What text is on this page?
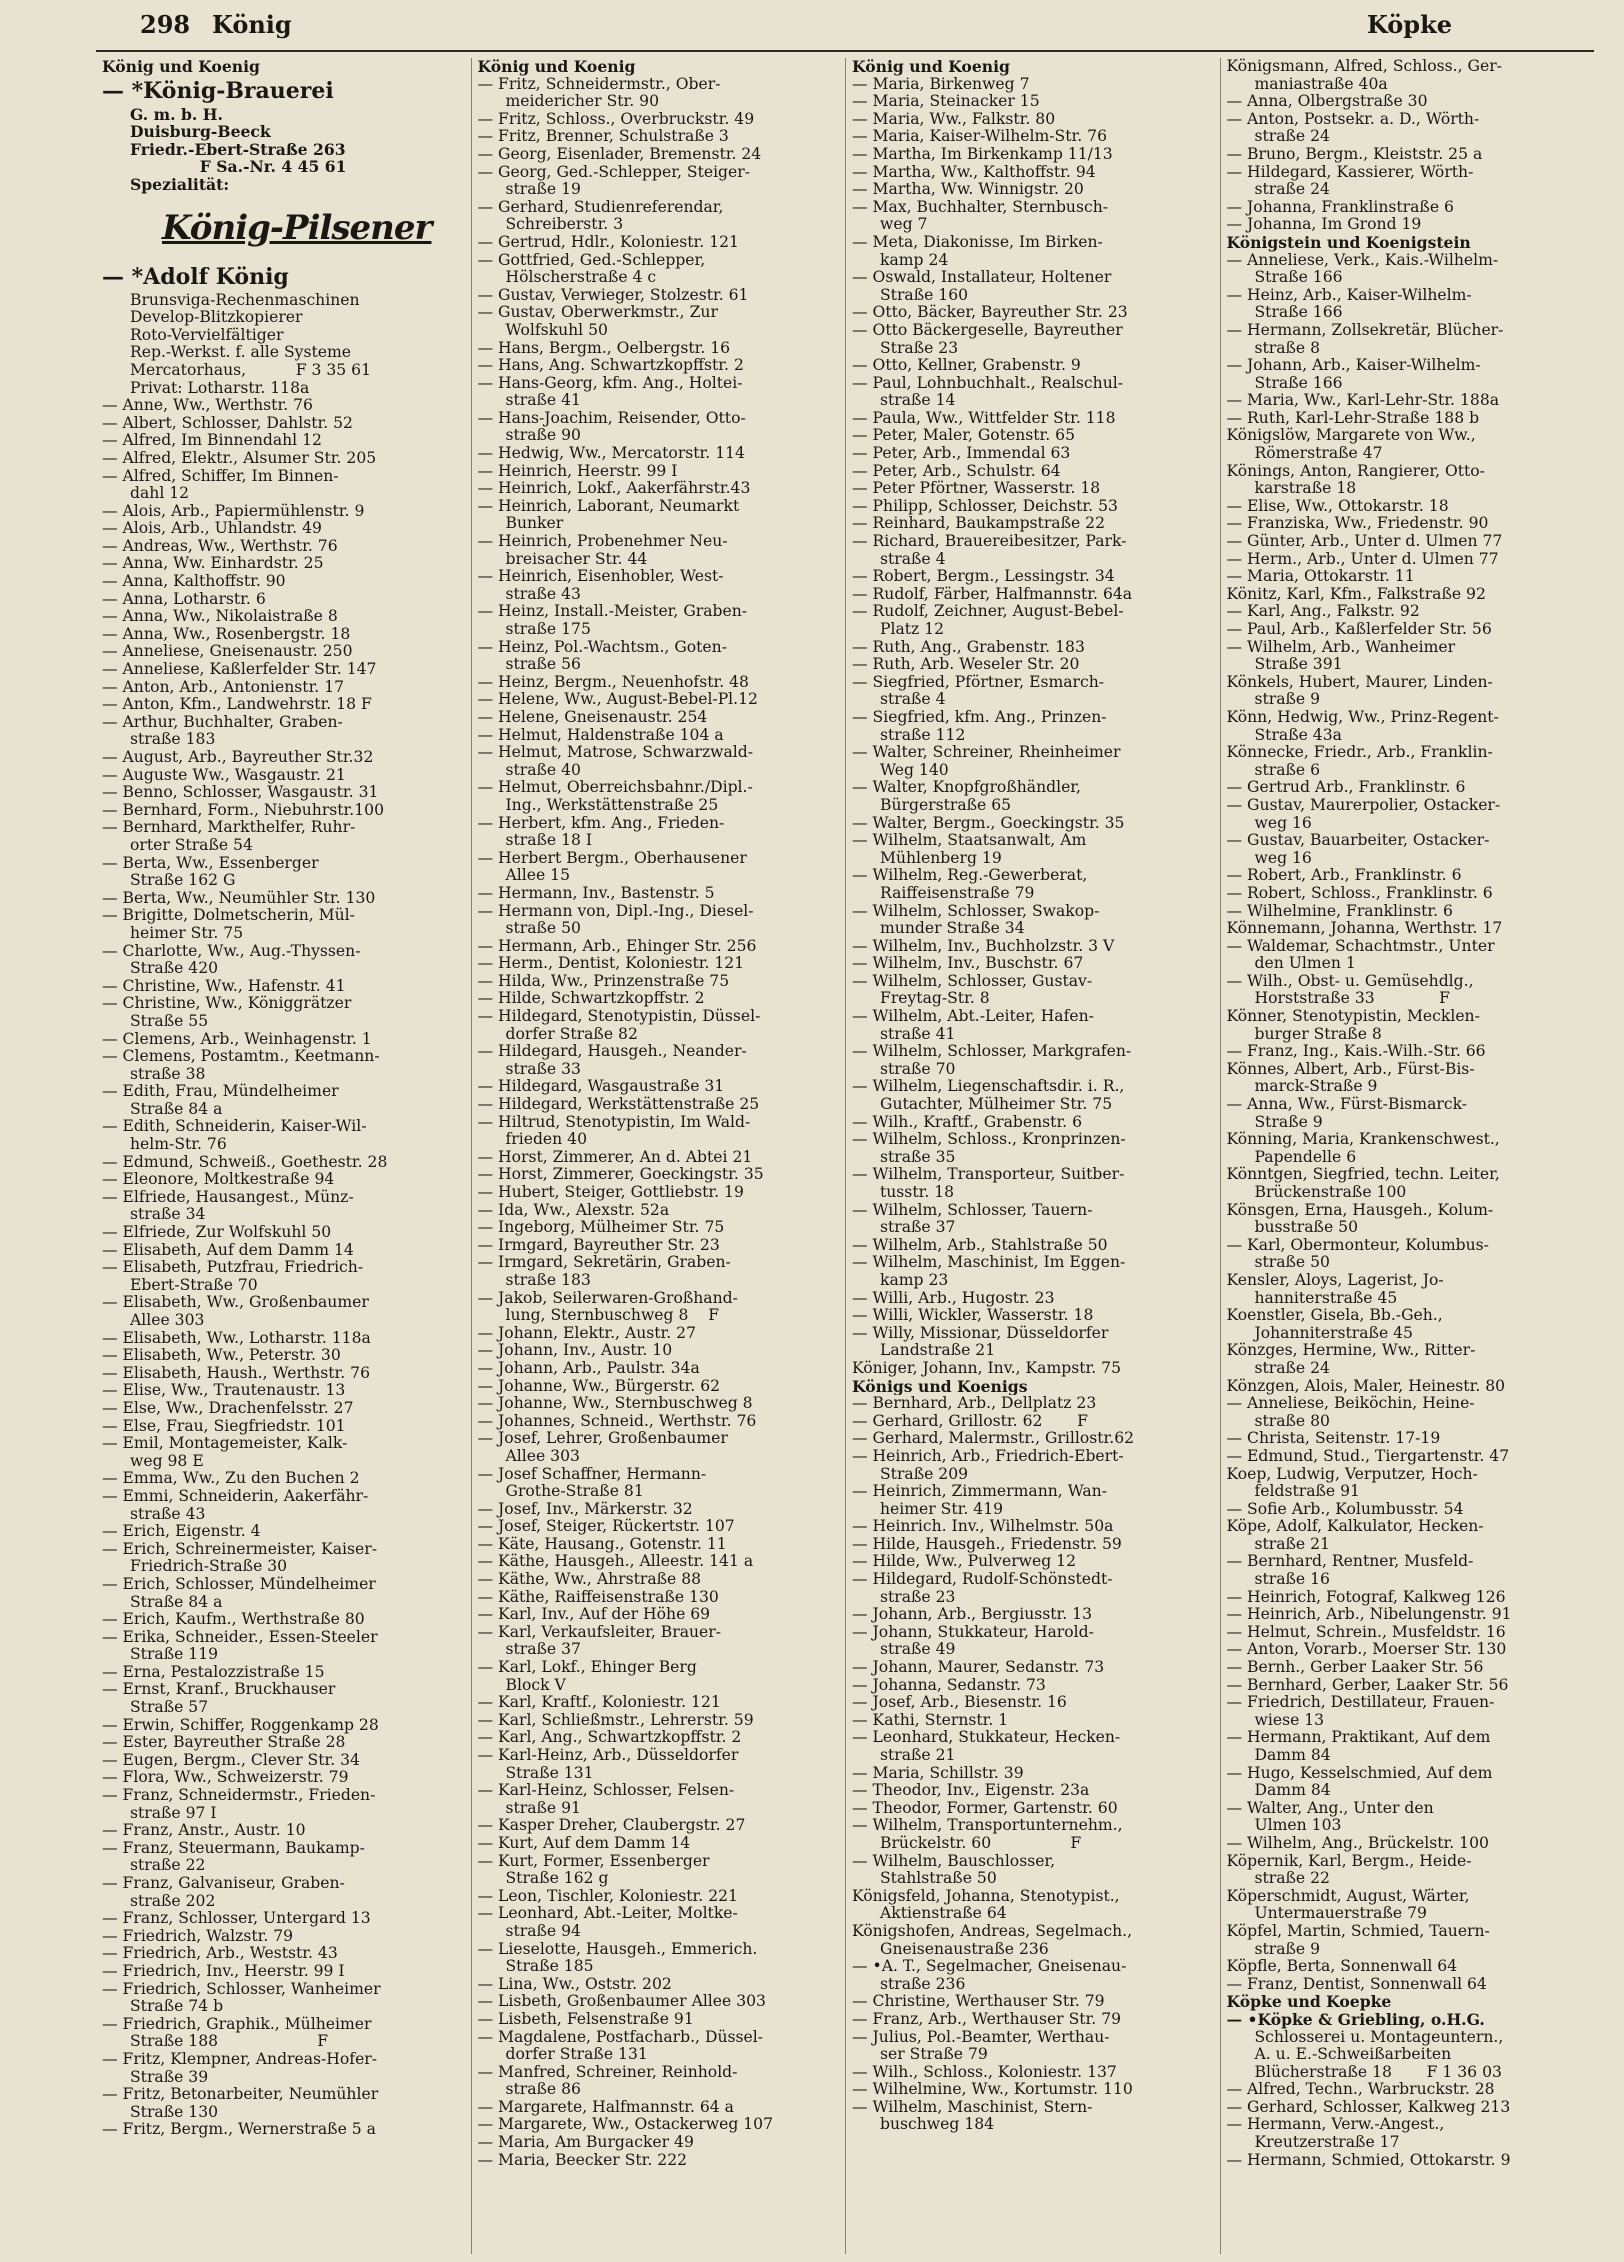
298 König	Köpke
König und Koenig
— *König-Brauerei
G. m. b. H.
Duisburg-Beeck
Friedr.-Ebert-Straße 263
F Sa.-Nr. 4 45 61
Spezialität:
König-Pilsener
— *Adolf König
Brunsviga-Rechenmaschinen
Develop-Blitzkopierer
Roto-Vervielfältiger
Rep.-Werkst. f. alle Systeme
Mercatorhaus,          F 3 35 61
Privat: Lotharstr. 118a
— Änne, Ww., Werthstr. 76
— Albert, Schlosser, Dahlstr. 52
— Alfred, Im Binnendahl 12
— Alfred, Elektr., Alsumer Str. 205
— Alfred, Schiffer, Im Binnen-
dahl 12
— Alois, Arb., Papiermühlenstr. 9
— Alois, Arb., Uhlandstr. 49
— Andreas, Ww., Werthstr. 76
— Anna, Ww. Einhardstr. 25
— Anna, Kalthoffstr. 90
— Anna, Lotharstr. 6
— Anna, Ww., Nikolaistraße 8
— Anna, Ww., Rosenbergstr. 18
— Anneliese, Gneisenaustr. 250
— Anneliese, Kaßlerfelder Str. 147
— Anton, Arb., Antonienstr. 17
— Anton, Kfm., Landwehrstr. 18 F
— Arthur, Buchhalter, Graben-
straße 183
— August, Arb., Bayreuther Str.32
— Auguste Ww., Wasgaustr. 21
— Benno, Schlosser, Wasgaustr. 31
— Bernhard, Form., Niebuhrstr.100
— Bernhard, Markthelfer, Ruhr-
orter Straße 54
— Berta, Ww., Essenberger
Straße 162 G
— Berta, Ww., Neumühler Str. 130
— Brigitte, Dolmetscherin, Mül-
heimer Str. 75
— Charlotte, Ww., Aug.-Thyssen-
Straße 420
— Christine, Ww., Hafenstr. 41
— Christine, Ww., Königgrätzer
Straße 55
— Clemens, Arb., Weinhagenstr. 1
— Clemens, Postamtm., Keetmann-
straße 38
— Edith, Frau, Mündelheimer
Straße 84 a
— Edith, Schneiderin, Kaiser-Wil-
helm-Str. 76
— Edmund, Schweiß., Goethestr. 28
— Eleonore, Moltkestraße 94
— Elfriede, Hausangest., Münz-
straße 34
— Elfriede, Zur Wolfskuhl 50
— Elisabeth, Auf dem Damm 14
— Elisabeth, Putzfrau, Friedrich-
Ebert-Straße 70
— Elisabeth, Ww., Großenbaumer
Allee 303
— Elisabeth, Ww., Lotharstr. 118a
— Elisabeth, Ww., Peterstr. 30
— Elisabeth, Haush., Werthstr. 76
— Elise, Ww., Trautenaustr. 13
— Else, Ww., Drachenfelsstr. 27
— Else, Frau, Siegfriedstr. 101
— Emil, Montagemeister, Kalk-
weg 98 E
— Emma, Ww., Zu den Buchen 2
— Emmi, Schneiderin, Aakerfähr-
straße 43
— Erich, Eigenstr. 4
— Erich, Schreinermeister, Kaiser-
Friedrich-Straße 30
— Erich, Schlosser, Mündelheimer
Straße 84 a
— Erich, Kaufm., Werthstraße 80
— Erika, Schneider., Essen-Steeler
Straße 119
— Erna, Pestalozzistraße 15
— Ernst, Kranf., Bruckhauser
Straße 57
— Erwin, Schiffer, Roggenkamp 28
— Ester, Bayreuther Straße 28
— Eugen, Bergm., Clever Str. 34
— Flora, Ww., Schweizerstr. 79
— Franz, Schneidermstr., Frieden-
straße 97 I
— Franz, Anstr., Austr. 10
— Franz, Steuermann, Baukamp-
straße 22
— Franz, Galvaniseur, Graben-
straße 202
— Franz, Schlosser, Untergard 13
— Friedrich, Walzstr. 79
— Friedrich, Arb., Weststr. 43
— Friedrich, Inv., Heerstr. 99 I
— Friedrich, Schlosser, Wanheimer
Straße 74 b
— Friedrich, Graphik., Mülheimer
Straße 188                    F
— Fritz, Klempner, Andreas-Hofer-
Straße 39
— Fritz, Betonarbeiter, Neumühler
Straße 130
— Fritz, Bergm., Wernerstraße 5 a
König und Koenig
— Fritz, Schneidermstr., Ober-
meidericher Str. 90
— Fritz, Schloss., Overbruckstr. 49
— Fritz, Brenner, Schulstraße 3
— Georg, Eisenlader, Bremenstr. 24
— Georg, Ged.-Schlepper, Steiger-
straße 19
— Gerhard, Studienreferendar,
Schreiberstr. 3
— Gertrud, Hdlr., Koloniestr. 121
— Gottfried, Ged.-Schlepper,
Hölscherstraße 4 c
— Gustav, Verwieger, Stolzestr. 61
— Gustav, Oberwerkmstr., Zur
Wolfskuhl 50
— Hans, Bergm., Oelbergstr. 16
— Hans, Ang. Schwartzkopffstr. 2
— Hans-Georg, kfm. Ang., Holtei-
straße 41
— Hans-Joachim, Reisender, Otto-
straße 90
— Hedwig, Ww., Mercatorstr. 114
— Heinrich, Heerstr. 99 I
— Heinrich, Lokf., Aakerfährstr.43
— Heinrich, Laborant, Neumarkt
Bunker
— Heinrich, Probenehmer Neu-
breisacher Str. 44
— Heinrich, Eisenhobler, West-
straße 43
— Heinz, Install.-Meister, Graben-
straße 175
— Heinz, Pol.-Wachtsm., Goten-
straße 56
— Heinz, Bergm., Neuenhofstr. 48
— Helene, Ww., August-Bebel-Pl.12
— Helene, Gneisenaustr. 254
— Helmut, Haldenstraße 104 a
— Helmut, Matrose, Schwarzwald-
straße 40
— Helmut, Oberreichsbahnr./Dipl.-
Ing., Werkstättenstraße 25
— Herbert, kfm. Ang., Frieden-
straße 18 I
— Herbert Bergm., Oberhausener
Allee 15
— Hermann, Inv., Bastenstr. 5
— Hermann von, Dipl.-Ing., Diesel-
straße 50
— Hermann, Arb., Ehinger Str. 256
— Herm., Dentist, Koloniestr. 121
— Hilda, Ww., Prinzenstraße 75
— Hilde, Schwartzkopffstr. 2
— Hildegard, Stenotypistin, Düssel-
dorfer Straße 82
— Hildegard, Hausgeh., Neander-
straße 33
— Hildegard, Wasgaustraße 31
— Hildegard, Werkstättenstraße 25
— Hiltrud, Stenotypistin, Im Wald-
frieden 40
— Horst, Zimmerer, An d. Abtei 21
— Horst, Zimmerer, Goeckingstr. 35
— Hubert, Steiger, Gottliebstr. 19
— Ida, Ww., Alexstr. 52a
— Ingeborg, Mülheimer Str. 75
— Irmgard, Bayreuther Str. 23
— Irmgard, Sekretärin, Graben-
straße 183
— Jakob, Seilerwaren-Großhand-
lung, Sternbuschweg 8    F
— Johann, Elektr., Austr. 27
— Johann, Inv., Austr. 10
— Johann, Arb., Paulstr. 34a
— Johanne, Ww., Bürgerstr. 62
— Johanne, Ww., Sternbuschweg 8
— Johannes, Schneid., Werthstr. 76
— Josef, Lehrer, Großenbaumer
Allee 303
— Josef Schaffner, Hermann-
Grothe-Straße 81
— Josef, Inv., Märkerstr. 32
— Josef, Steiger, Rückertstr. 107
— Käte, Hausang., Gotenstr. 11
— Käthe, Hausgeh., Alleestr. 141 a
— Käthe, Ww., Ahrstraße 88
— Käthe, Raiffeisenstraße 130
— Karl, Inv., Auf der Höhe 69
— Karl, Verkaufsleiter, Brauer-
straße 37
— Karl, Lokf., Ehinger Berg
Block V
— Karl, Kraftf., Koloniestr. 121
— Karl, Schließmstr., Lehrerstr. 59
— Karl, Ang., Schwartzkopffstr. 2
— Karl-Heinz, Arb., Düsseldorfer
Straße 131
— Karl-Heinz, Schlosser, Felsen-
straße 91
— Kasper Dreher, Claubergstr. 27
— Kurt, Auf dem Damm 14
— Kurt, Former, Essenberger
Straße 162 g
— Leon, Tischler, Koloniestr. 221
— Leonhard, Abt.-Leiter, Moltke-
straße 94
— Lieselotte, Hausgeh., Emmerich.
Straße 185
— Lina, Ww., Oststr. 202
— Lisbeth, Großenbaumer Allee 303
— Lisbeth, Felsenstraße 91
— Magdalene, Postfacharb., Düssel-
dorfer Straße 131
— Manfred, Schreiner, Reinhold-
straße 86
— Margarete, Halfmannstr. 64 a
— Margarete, Ww., Ostackerweg 107
— Maria, Am Burgacker 49
— Maria, Beecker Str. 222
König und Koenig
— Maria, Birkenweg 7
— Maria, Steinacker 15
— Maria, Ww., Falkstr. 80
— Maria, Kaiser-Wilhelm-Str. 76
— Martha, Im Birkenkamp 11/13
— Martha, Ww., Kalthoffstr. 94
— Martha, Ww. Winnigstr. 20
— Max, Buchhalter, Sternbusch-
weg 7
— Meta, Diakonisse, Im Birken-
kamp 24
— Oswald, Installateur, Holtener
Straße 160
— Otto, Bäcker, Bayreuther Str. 23
— Otto Bäckergeselle, Bayreuther
Straße 23
— Otto, Kellner, Grabenstr. 9
— Paul, Lohnbuchhalt., Realschul-
straße 14
— Paula, Ww., Wittfelder Str. 118
— Peter, Maler, Gotenstr. 65
— Peter, Arb., Immendal 63
— Peter, Arb., Schulstr. 64
— Peter Pförtner, Wasserstr. 18
— Philipp, Schlosser, Deichstr. 53
— Reinhard, Baukampstraße 22
— Richard, Brauereibesitzer, Park-
straße 4
— Robert, Bergm., Lessingstr. 34
— Rudolf, Färber, Halfmannstr. 64a
— Rudolf, Zeichner, August-Bebel-
Platz 12
— Ruth, Ang., Grabenstr. 183
— Ruth, Arb. Weseler Str. 20
— Siegfried, Pförtner, Esmarch-
straße 4
— Siegfried, kfm. Ang., Prinzen-
straße 112
— Walter, Schreiner, Rheinheimer
Weg 140
— Walter, Knopfgroßhändler,
Bürgerstraße 65
— Walter, Bergm., Goeckingstr. 35
— Wilhelm, Staatsanwalt, Am
Mühlenberg 19
— Wilhelm, Reg.-Gewerberat,
Raiffeisenstraße 79
— Wilhelm, Schlosser, Swakop-
munder Straße 34
— Wilhelm, Inv., Buchholzstr. 3 V
— Wilhelm, Inv., Buschstr. 67
— Wilhelm, Schlosser, Gustav-
Freytag-Str. 8
— Wilhelm, Abt.-Leiter, Hafen-
straße 41
— Wilhelm, Schlosser, Markgrafen-
straße 70
— Wilhelm, Liegenschaftsdir. i. R.,
Gutachter, Mülheimer Str. 75
— Wilh., Kraftf., Grabenstr. 6
— Wilhelm, Schloss., Kronprinzen-
straße 35
— Wilhelm, Transporteur, Suitber-
tusstr. 18
— Wilhelm, Schlosser, Tauern-
straße 37
— Wilhelm, Arb., Stahlstraße 50
— Wilhelm, Maschinist, Im Eggen-
kamp 23
— Willi, Arb., Hugostr. 23
— Willi, Wickler, Wasserstr. 18
— Willy, Missionar, Düsseldorfer
Landstraße 21
Königer, Johann, Inv., Kampstr. 75
Königs und Koenigs
— Bernhard, Arb., Dellplatz 23
— Gerhard, Grillostr. 62       F
— Gerhard, Malermstr., Grillostr.62
— Heinrich, Arb., Friedrich-Ebert-
Straße 209
— Heinrich, Zimmermann, Wan-
heimer Str. 419
— Heinrich. Inv., Wilhelmstr. 50a
— Hilde, Hausgeh., Friedenstr. 59
— Hilde, Ww., Pulverweg 12
— Hildegard, Rudolf-Schönstedt-
straße 23
— Johann, Arb., Bergiusstr. 13
— Johann, Stukkateur, Harold-
straße 49
— Johann, Maurer, Sedanstr. 73
— Johanna, Sedanstr. 73
— Josef, Arb., Biesenstr. 16
— Kathi, Sternstr. 1
— Leonhard, Stukkateur, Hecken-
straße 21
— Maria, Schillstr. 39
— Theodor, Inv., Eigenstr. 23a
— Theodor, Former, Gartenstr. 60
— Wilhelm, Transportunternehm.,
Brückelstr. 60                F
— Wilhelm, Bauschlosser,
Stahlstraße 50
Königsfeld, Johanna, Stenotypist.,
Aktienstraße 64
Königshofen, Andreas, Segelmach.,
Gneisenaustraße 236
— •A. T., Segelmacher, Gneisenau-
straße 236
— Christine, Werthauser Str. 79
— Franz, Arb., Werthauser Str. 79
— Julius, Pol.-Beamter, Werthau-
ser Straße 79
— Wilh., Schloss., Koloniestr. 137
— Wilhelmine, Ww., Kortumstr. 110
— Wilhelm, Maschinist, Stern-
buschweg 184
Königsmann, Alfred, Schloss., Ger-
maniastraße 40a
— Anna, Ölbergstraße 30
— Anton, Postsekr. a. D., Wörth-
straße 24
— Bruno, Bergm., Kleiststr. 25 a
— Hildegard, Kassierer, Wörth-
straße 24
— Johanna, Franklinstraße 6
— Johanna, Im Grond 19
Königstein und Koenigstein
— Anneliese, Verk., Kais.-Wilhelm-
Straße 166
— Heinz, Arb., Kaiser-Wilhelm-
Straße 166
— Hermann, Zollsekretär, Blücher-
straße 8
— Johann, Arb., Kaiser-Wilhelm-
Straße 166
— Maria, Ww., Karl-Lehr-Str. 188a
— Ruth, Karl-Lehr-Straße 188 b
Königslöw, Margarete von Ww.,
Römerstraße 47
Könings, Anton, Rangierer, Otto-
karstraße 18
— Elise, Ww., Ottokarstr. 18
— Franziska, Ww., Friedenstr. 90
— Günter, Arb., Unter d. Ulmen 77
— Herm., Arb., Unter d. Ulmen 77
— Maria, Ottokarstr. 11
Könitz, Karl, Kfm., Falkstraße 92
— Karl, Ang., Falkstr. 92
— Paul, Arb., Kaßlerfelder Str. 56
— Wilhelm, Arb., Wanheimer
Straße 391
Könkels, Hubert, Maurer, Linden-
straße 9
Könn, Hedwig, Ww., Prinz-Regent-
Straße 43a
Könnecke, Friedr., Arb., Franklin-
straße 6
— Gertrud Arb., Franklinstr. 6
— Gustav, Maurerpolier, Ostacker-
weg 16
— Gustav, Bauarbeiter, Ostacker-
weg 16
— Robert, Arb., Franklinstr. 6
— Robert, Schloss., Franklinstr. 6
— Wilhelmine, Franklinstr. 6
Könnemann, Johanna, Werthstr. 17
— Waldemar, Schachtmstr., Unter
den Ulmen 1
— Wilh., Obst- u. Gemüsehdlg.,
Horststraße 33             F
Könner, Stenotypistin, Mecklen-
burger Straße 8
— Franz, Ing., Kais.-Wilh.-Str. 66
Könnes, Albert, Arb., Fürst-Bis-
marck-Straße 9
— Anna, Ww., Fürst-Bismarck-
Straße 9
Könning, Maria, Krankenschwest.,
Papendelle 6
Könntgen, Siegfried, techn. Leiter,
Brückenstraße 100
Könsgen, Erna, Hausgeh., Kolum-
busstraße 50
— Karl, Obermonteur, Kolumbus-
straße 50
Kensler, Aloys, Lagerist, Jo-
hanniterstraße 45
Koenstler, Gisela, Bb.-Geh.,
Johanniterstraße 45
Könzges, Hermine, Ww., Ritter-
straße 24
Könzgen, Alois, Maler, Heinestr. 80
— Anneliese, Beiköchin, Heine-
straße 80
— Christa, Seitenstr. 17-19
— Edmund, Stud., Tiergartenstr. 47
Koep, Ludwig, Verputzer, Hoch-
feldstraße 91
— Sofie Arb., Kolumbusstr. 54
Köpe, Adolf, Kalkulator, Hecken-
straße 21
— Bernhard, Rentner, Musfeld-
straße 16
— Heinrich, Fotograf, Kalkweg 126
— Heinrich, Arb., Nibelungenstr. 91
— Helmut, Schrein., Musfeldstr. 16
— Anton, Vorarb., Moerser Str. 130
— Bernh., Gerber Laaker Str. 56
— Bernhard, Gerber, Laaker Str. 56
— Friedrich, Destillateur, Frauen-
wiese 13
— Hermann, Praktikant, Auf dem
Damm 84
— Hugo, Kesselschmied, Auf dem
Damm 84
— Walter, Ang., Unter den
Ulmen 103
— Wilhelm, Ang., Brückelstr. 100
Köpernik, Karl, Bergm., Heide-
straße 22
Köperschmidt, August, Wärter,
Untermauerstraße 79
Köpfel, Martin, Schmied, Tauern-
straße 9
Köpfle, Berta, Sonnenwall 64
— Franz, Dentist, Sonnenwall 64
Köpke und Koepke
— •Köpke & Griebling, o.H.G.
Schlosserei u. Montageuntern.,
A. u. E.-Schweißarbeiten
Blücherstraße 18       F 1 36 03
— Alfred, Techn., Warbruckstr. 28
— Gerhard, Schlosser, Kalkweg 213
— Hermann, Verw.-Angest.,
Kreutzerstraße 17
— Hermann, Schmied, Ottokarstr. 9
